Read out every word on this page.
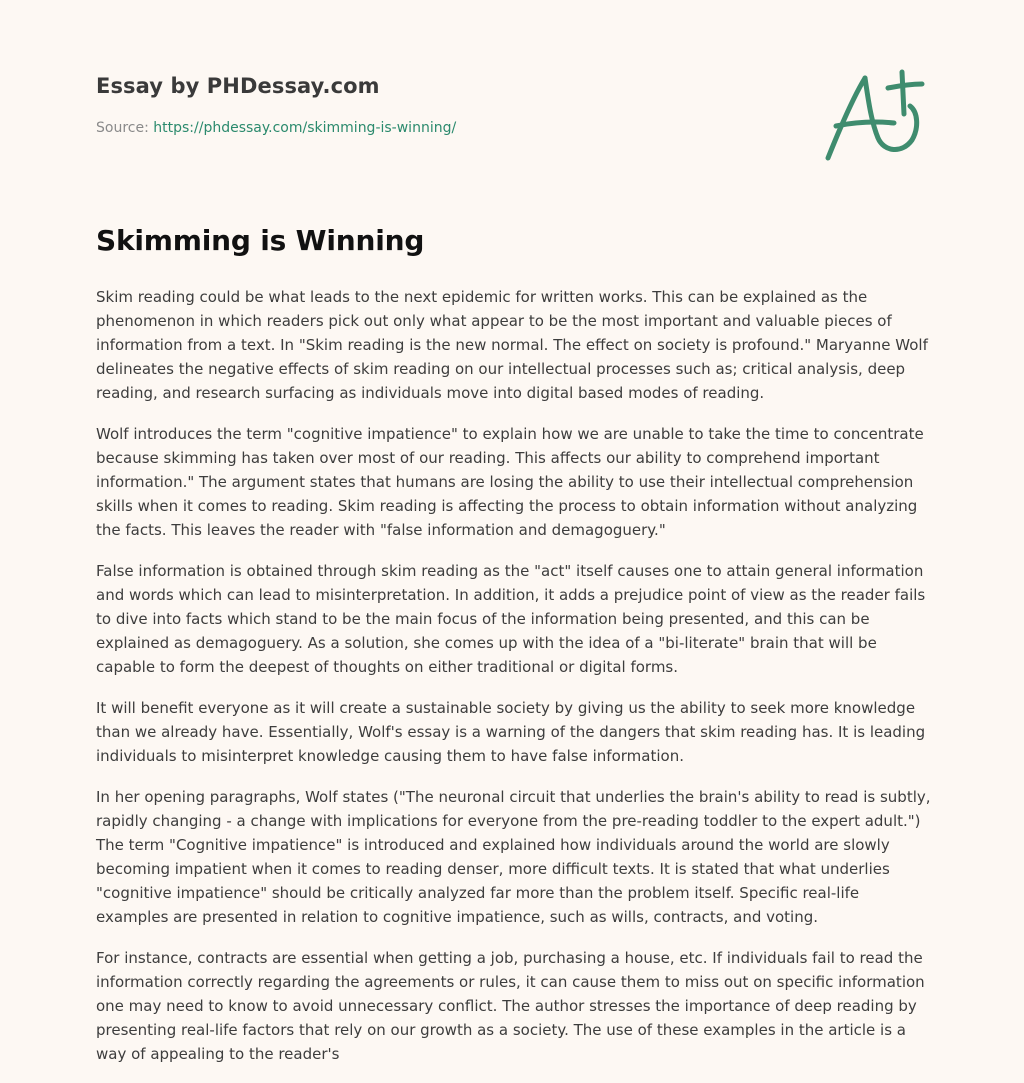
Essay by PHDessay.com

Source: https://phdessay.com/skimming-is-winning/
Skimming is Winning

Skim reading could be what leads to the next epidemic for written works. This can be explained as the phenomenon in which readers pick out only what appear to be the most important and valuable pieces of information from a text. In "Skim reading is the new normal. The effect on society is profound." Maryanne Wolf delineates the negative effects of skim reading on our intellectual processes such as; critical analysis, deep reading, and research surfacing as individuals move into digital based modes of reading.

Wolf introduces the term "cognitive impatience" to explain how we are unable to take the time to concentrate because skimming has taken over most of our reading. This affects our ability to comprehend important information." The argument states that humans are losing the ability to use their intellectual comprehension skills when it comes to reading. Skim reading is affecting the process to obtain information without analyzing the facts. This leaves the reader with "false information and demagoguery."

False information is obtained through skim reading as the "act" itself causes one to attain general information and words which can lead to misinterpretation. In addition, it adds a prejudice point of view as the reader fails to dive into facts which stand to be the main focus of the information being presented, and this can be explained as demagoguery. As a solution, she comes up with the idea of a "bi-literate" brain that will be capable to form the deepest of thoughts on either traditional or digital forms.

It will benefit everyone as it will create a sustainable society by giving us the ability to seek more knowledge than we already have. Essentially, Wolf's essay is a warning of the dangers that skim reading has. It is leading individuals to misinterpret knowledge causing them to have false information.

In her opening paragraphs, Wolf states ("The neuronal circuit that underlies the brain's ability to read is subtly, rapidly changing - a change with implications for everyone from the pre-reading toddler to the expert adult.") The term "Cognitive impatience" is introduced and explained how individuals around the world are slowly becoming impatient when it comes to reading denser, more difficult texts. It is stated that what underlies "cognitive impatience" should be critically analyzed far more than the problem itself. Specific real-life examples are presented in relation to cognitive impatience, such as wills, contracts, and voting.

For instance, contracts are essential when getting a job, purchasing a house, etc. If individuals fail to read the information correctly regarding the agreements or rules, it can cause them to miss out on specific information one may need to know to avoid unnecessary conflict. The author stresses the importance of deep reading by presenting real-life factors that rely on our growth as a society. The use of these examples in the article is a way of appealing to the reader's
